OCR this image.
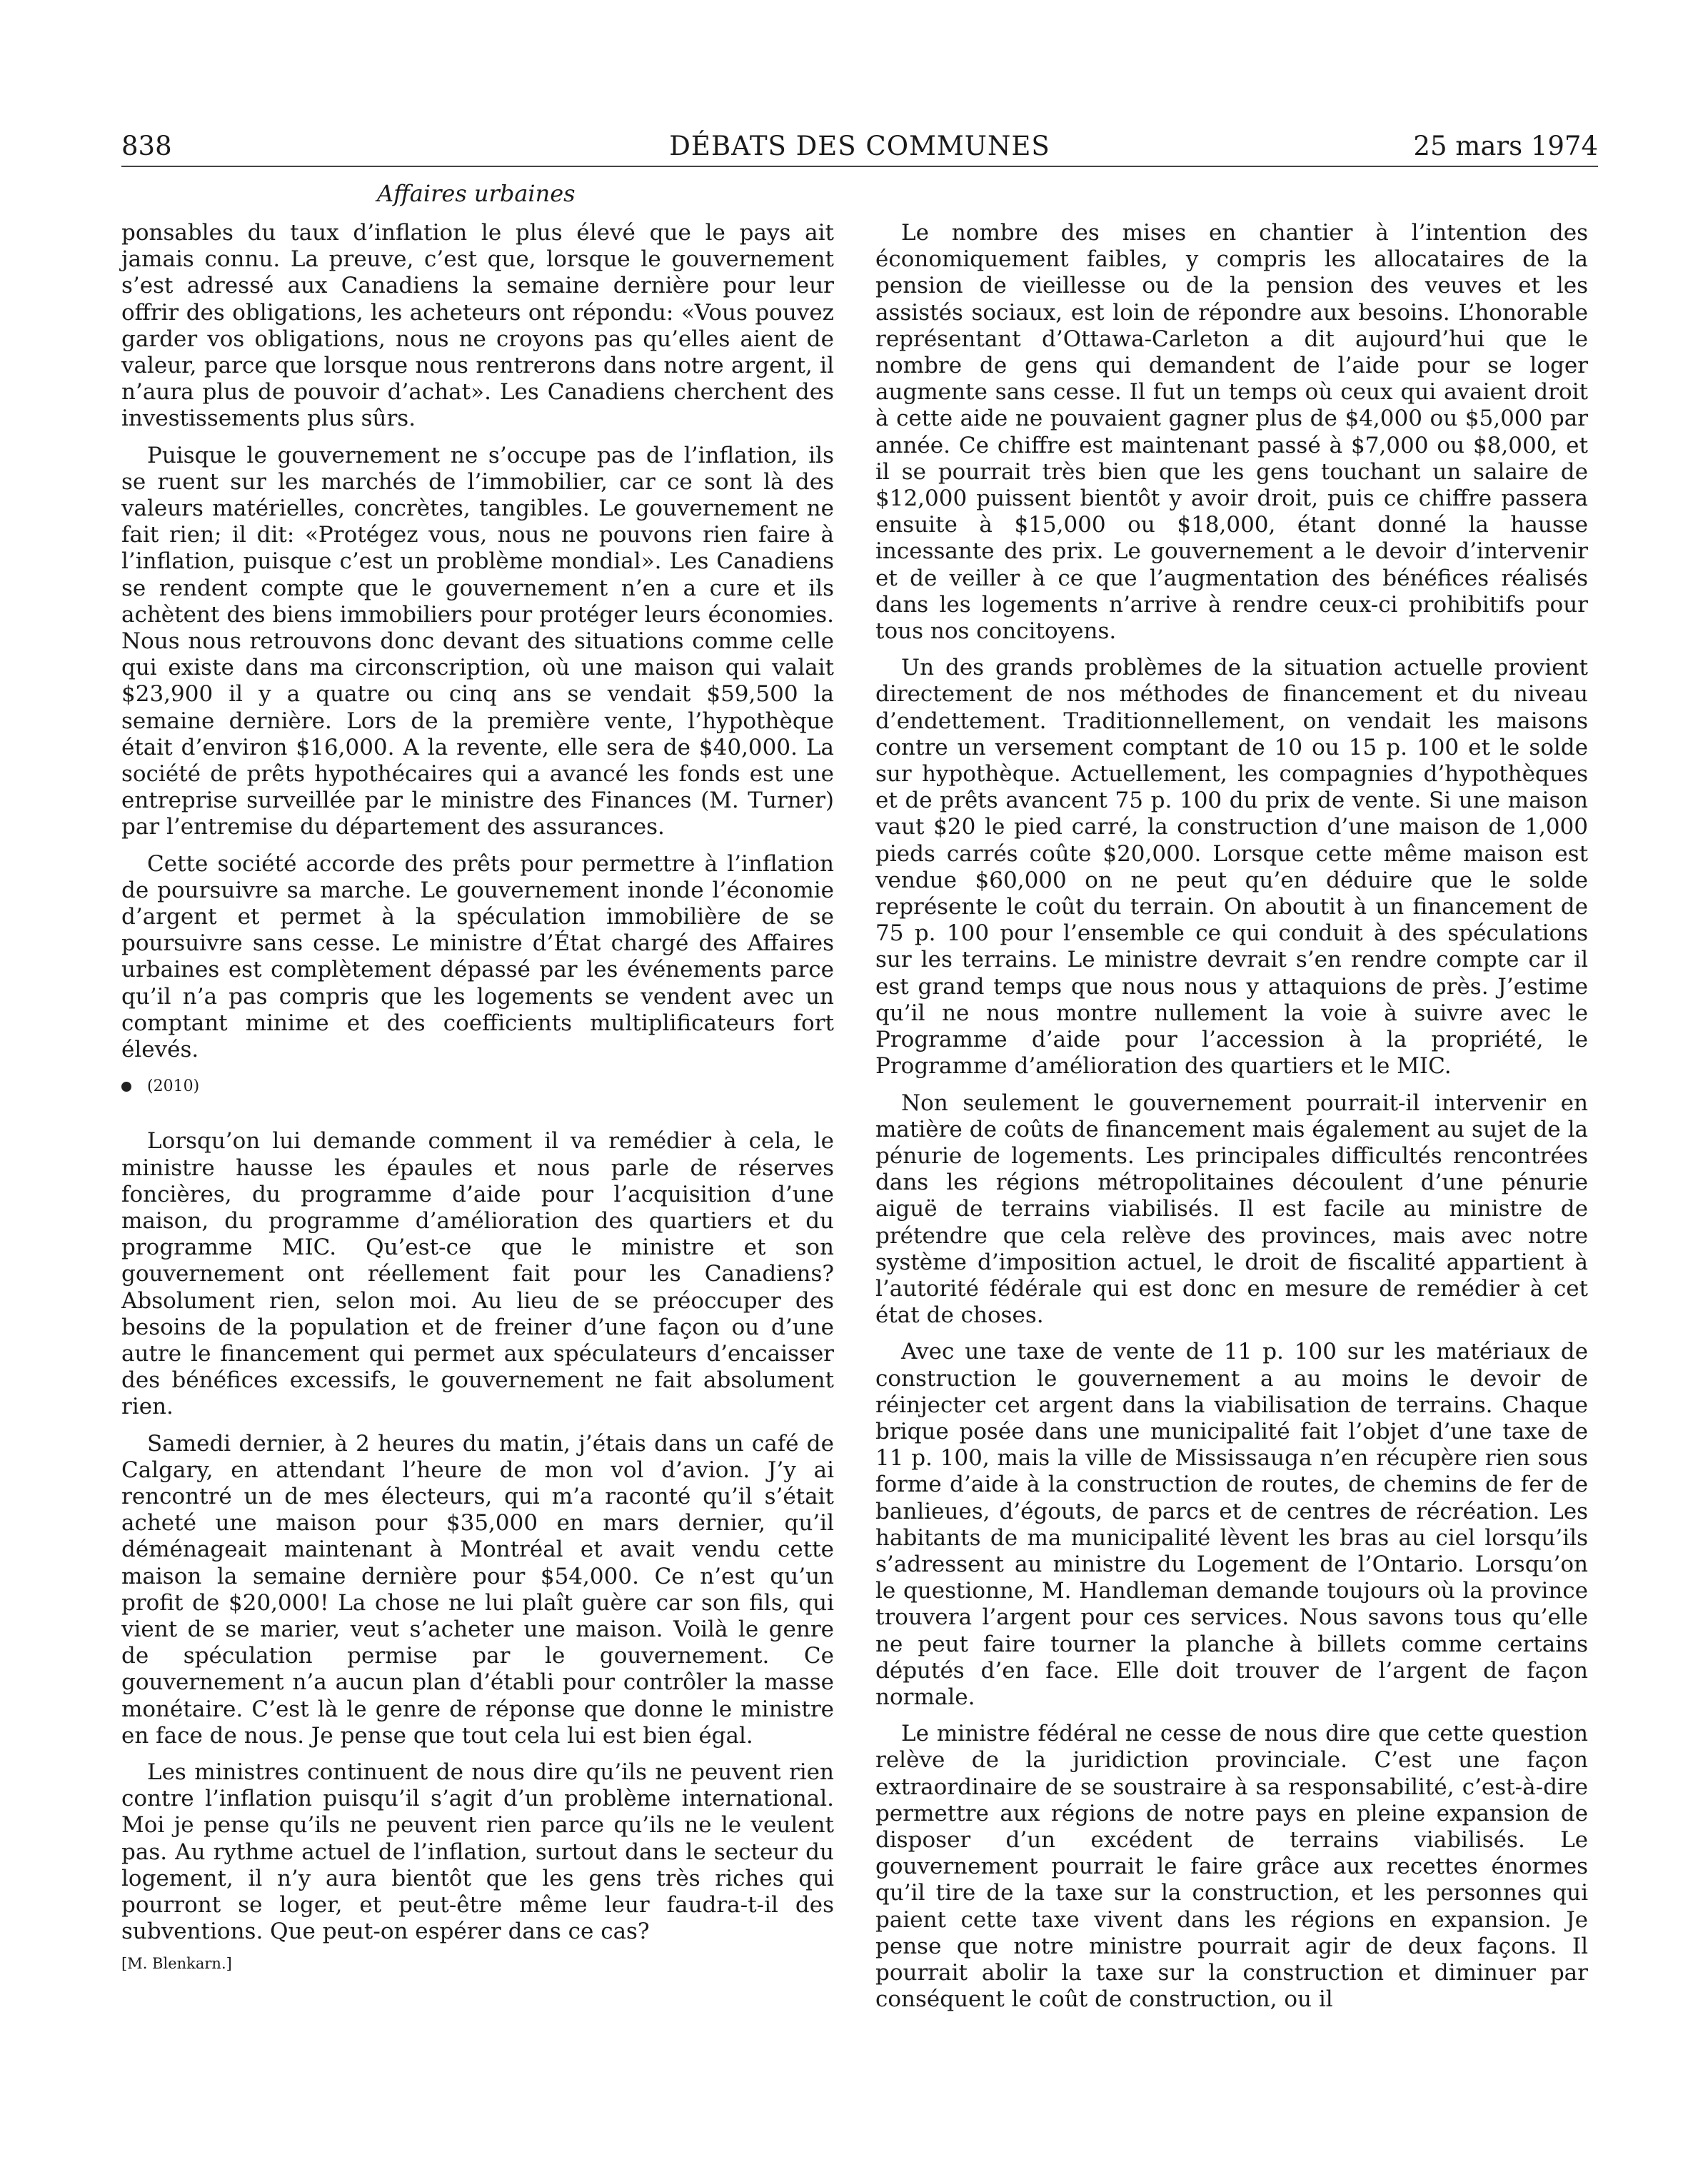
838	DÉBATS DES COMMUNES	25 mars 1974
Affaires urbaines

ponsables du taux d’inflation le plus élevé que le pays ait jamais connu. La preuve, c’est que, lorsque le gouvernement s’est adressé aux Canadiens la semaine dernière pour leur offrir des obligations, les acheteurs ont répondu: «Vous pouvez garder vos obligations, nous ne croyons pas qu’elles aient de valeur, parce que lorsque nous rentrerons dans notre argent, il n’aura plus de pouvoir d’achat». Les Canadiens cherchent des investissements plus sûrs.

Puisque le gouvernement ne s’occupe pas de l’inflation, ils se ruent sur les marchés de l’immobilier, car ce sont là des valeurs matérielles, concrètes, tangibles. Le gouvernement ne fait rien; il dit: «Protégez vous, nous ne pouvons rien faire à l’inflation, puisque c’est un problème mondial». Les Canadiens se rendent compte que le gouvernement n’en a cure et ils achètent des biens immobiliers pour protéger leurs économies. Nous nous retrouvons donc devant des situations comme celle qui existe dans ma circonscription, où une maison qui valait $23,900 il y a quatre ou cinq ans se vendait $59,500 la semaine dernière. Lors de la première vente, l’hypothèque était d’environ $16,000. A la revente, elle sera de $40,000. La société de prêts hypothécaires qui a avancé les fonds est une entreprise surveillée par le ministre des Finances (M. Turner) par l’entremise du département des assurances.

Cette société accorde des prêts pour permettre à l’inflation de poursuivre sa marche. Le gouvernement inonde l’économie d’argent et permet à la spéculation immobilière de se poursuivre sans cesse. Le ministre d’État chargé des Affaires urbaines est complètement dépassé par les événements parce qu’il n’a pas compris que les logements se vendent avec un comptant minime et des coefficients multiplificateurs fort élevés.

(2010)

Lorsqu’on lui demande comment il va remédier à cela, le ministre hausse les épaules et nous parle de réserves foncières, du programme d’aide pour l’acquisition d’une maison, du programme d’amélioration des quartiers et du programme MIC. Qu’est-ce que le ministre et son gouvernement ont réellement fait pour les Canadiens? Absolument rien, selon moi. Au lieu de se préoccuper des besoins de la population et de freiner d’une façon ou d’une autre le financement qui permet aux spéculateurs d’encaisser des bénéfices excessifs, le gouvernement ne fait absolument rien.

Samedi dernier, à 2 heures du matin, j’étais dans un café de Calgary, en attendant l’heure de mon vol d’avion. J’y ai rencontré un de mes électeurs, qui m’a raconté qu’il s’était acheté une maison pour $35,000 en mars dernier, qu’il déménageait maintenant à Montréal et avait vendu cette maison la semaine dernière pour $54,000. Ce n’est qu’un profit de $20,000! La chose ne lui plaît guère car son fils, qui vient de se marier, veut s’acheter une maison. Voilà le genre de spéculation permise par le gouvernement. Ce gouvernement n’a aucun plan d’établi pour contrôler la masse monétaire. C’est là le genre de réponse que donne le ministre en face de nous. Je pense que tout cela lui est bien égal.

Les ministres continuent de nous dire qu’ils ne peuvent rien contre l’inflation puisqu’il s’agit d’un problème international. Moi je pense qu’ils ne peuvent rien parce qu’ils ne le veulent pas. Au rythme actuel de l’inflation, surtout dans le secteur du logement, il n’y aura bientôt que les gens très riches qui pourront se loger, et peut-être même leur faudra-t-il des subventions. Que peut-on espérer dans ce cas?

[M. Blenkarn.]

Le nombre des mises en chantier à l’intention des économiquement faibles, y compris les allocataires de la pension de vieillesse ou de la pension des veuves et les assistés sociaux, est loin de répondre aux besoins. L’honorable représentant d’Ottawa-Carleton a dit aujourd’hui que le nombre de gens qui demandent de l’aide pour se loger augmente sans cesse. Il fut un temps où ceux qui avaient droit à cette aide ne pouvaient gagner plus de $4,000 ou $5,000 par année. Ce chiffre est maintenant passé à $7,000 ou $8,000, et il se pourrait très bien que les gens touchant un salaire de $12,000 puissent bientôt y avoir droit, puis ce chiffre passera ensuite à $15,000 ou $18,000, étant donné la hausse incessante des prix. Le gouvernement a le devoir d’intervenir et de veiller à ce que l’augmentation des bénéfices réalisés dans les logements n’arrive à rendre ceux-ci prohibitifs pour tous nos concitoyens.

Un des grands problèmes de la situation actuelle provient directement de nos méthodes de financement et du niveau d’endettement. Traditionnellement, on vendait les maisons contre un versement comptant de 10 ou 15 p. 100 et le solde sur hypothèque. Actuellement, les compagnies d’hypothèques et de prêts avancent 75 p. 100 du prix de vente. Si une maison vaut $20 le pied carré, la construction d’une maison de 1,000 pieds carrés coûte $20,000. Lorsque cette même maison est vendue $60,000 on ne peut qu’en déduire que le solde représente le coût du terrain. On aboutit à un financement de 75 p. 100 pour l’ensemble ce qui conduit à des spéculations sur les terrains. Le ministre devrait s’en rendre compte car il est grand temps que nous nous y attaquions de près. J’estime qu’il ne nous montre nullement la voie à suivre avec le Programme d’aide pour l’accession à la propriété, le Programme d’amélioration des quartiers et le MIC.

Non seulement le gouvernement pourrait-il intervenir en matière de coûts de financement mais également au sujet de la pénurie de logements. Les principales difficultés rencontrées dans les régions métropolitaines découlent d’une pénurie aiguë de terrains viabilisés. Il est facile au ministre de prétendre que cela relève des provinces, mais avec notre système d’imposition actuel, le droit de fiscalité appartient à l’autorité fédérale qui est donc en mesure de remédier à cet état de choses.

Avec une taxe de vente de 11 p. 100 sur les matériaux de construction le gouvernement a au moins le devoir de réinjecter cet argent dans la viabilisation de terrains. Chaque brique posée dans une municipalité fait l’objet d’une taxe de 11 p. 100, mais la ville de Mississauga n’en récupère rien sous forme d’aide à la construction de routes, de chemins de fer de banlieues, d’égouts, de parcs et de centres de récréation. Les habitants de ma municipalité lèvent les bras au ciel lorsqu’ils s’adressent au ministre du Logement de l’Ontario. Lorsqu’on le questionne, M. Handleman demande toujours où la province trouvera l’argent pour ces services. Nous savons tous qu’elle ne peut faire tourner la planche à billets comme certains députés d’en face. Elle doit trouver de l’argent de façon normale.

Le ministre fédéral ne cesse de nous dire que cette question relève de la juridiction provinciale. C’est une façon extraordinaire de se soustraire à sa responsabilité, c’est-à-dire permettre aux régions de notre pays en pleine expansion de disposer d’un excédent de terrains viabilisés. Le gouvernement pourrait le faire grâce aux recettes énormes qu’il tire de la taxe sur la construction, et les personnes qui paient cette taxe vivent dans les régions en expansion. Je pense que notre ministre pourrait agir de deux façons. Il pourrait abolir la taxe sur la construction et diminuer par conséquent le coût de construction, ou il
